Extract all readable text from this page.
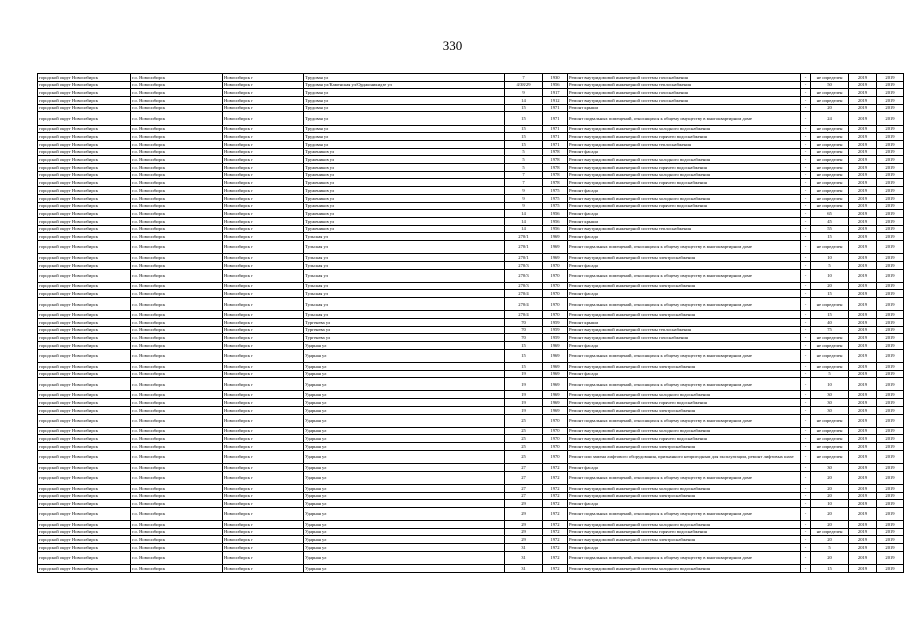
330
городской округ Новосибирск	г.о. Новосибирск	Новосибирск г	Трудовая ул	7	1930	Ремонт внутридомовой инженерной системы газоснабжения	-	не определен	2019	2019
городской округ Новосибирск	г.о. Новосибирск	Новосибирск г	Трудовая ул/Каменская ул/Орджоникидзе ул	4/38/29	1956	Ремонт внутридомовой инженерной системы теплоснабжения	-	50	2019	2019
городской округ Новосибирск	г.о. Новосибирск	Новосибирск г	Трудовая ул	9	1917	Ремонт внутридомовой инженерной системы газоснабжения	-	не определен	2019	2019
городской округ Новосибирск	г.о. Новосибирск	Новосибирск г	Трудовая ул	14	1912	Ремонт внутридомовой инженерной системы газоснабжения	-	не определен	2019	2019
городской округ Новосибирск	г.о. Новосибирск	Новосибирск г	Трудовая ул	15	1971	Ремонт крыши	-	20	2019	2019
городской округ Новосибирск	г.о. Новосибирск	Новосибирск г	Трудовая ул	15	1971	Ремонт подвальных помещений, относящихся к общему имуществу в многоквартирном доме	-	24	2019	2019
городской округ Новосибирск	г.о. Новосибирск	Новосибирск г	Трудовая ул	15	1971	Ремонт внутридомовой инженерной системы холодного водоснабжения	-	не определен	2019	2019
городской округ Новосибирск	г.о. Новосибирск	Новосибирск г	Трудовая ул	15	1971	Ремонт внутридомовой инженерной системы горячего водоснабжения	-	не определен	2019	2019
городской округ Новосибирск	г.о. Новосибирск	Новосибирск г	Трудовая ул	15	1971	Ремонт внутридомовой инженерной системы теплоснабжения	-	не определен	2019	2019
городской округ Новосибирск	г.о. Новосибирск	Новосибирск г	Тружеников ул	5	1978	Ремонт фасада	-	не определен	2019	2019
городской округ Новосибирск	г.о. Новосибирск	Новосибирск г	Тружеников ул	5	1978	Ремонт внутридомовой инженерной системы холодного водоснабжения	-	не определен	2019	2019
городской округ Новосибирск	г.о. Новосибирск	Новосибирск г	Тружеников ул	5	1978	Ремонт внутридомовой инженерной системы горячего водоснабжения	-	не определен	2019	2019
городской округ Новосибирск	г.о. Новосибирск	Новосибирск г	Тружеников ул	7	1978	Ремонт внутридомовой инженерной системы холодного водоснабжения	-	не определен	2019	2019
городской округ Новосибирск	г.о. Новосибирск	Новосибирск г	Тружеников ул	7	1978	Ремонт внутридомовой инженерной системы горячего водоснабжения	-	не определен	2019	2019
городской округ Новосибирск	г.о. Новосибирск	Новосибирск г	Тружеников ул	9	1975	Ремонт фасада	-	не определен	2019	2019
городской округ Новосибирск	г.о. Новосибирск	Новосибирск г	Тружеников ул	9	1975	Ремонт внутридомовой инженерной системы холодного водоснабжения	-	не определен	2019	2019
городской округ Новосибирск	г.о. Новосибирск	Новосибирск г	Тружеников ул	9	1975	Ремонт внутридомовой инженерной системы горячего водоснабжения	-	не определен	2019	2019
городской округ Новосибирск	г.о. Новосибирск	Новосибирск г	Тружеников ул	14	1956	Ремонт фасада	-	65	2019	2019
городской округ Новосибирск	г.о. Новосибирск	Новосибирск г	Тружеников ул	14	1956	Ремонт крыши	-	45	2019	2019
городской округ Новосибирск	г.о. Новосибирск	Новосибирск г	Тружеников ул	14	1956	Ремонт внутридомовой инженерной системы теплоснабжения	-	55	2019	2019
городской округ Новосибирск	г.о. Новосибирск	Новосибирск г	Тульская ул	270/1	1969	Ремонт фасада	-	15	2019	2019
городской округ Новосибирск	г.о. Новосибирск	Новосибирск г	Тульская ул	270/1	1969	Ремонт подвальных помещений, относящихся к общему имуществу в многоквартирном доме	-	не определен	2019	2019
городской округ Новосибирск	г.о. Новосибирск	Новосибирск г	Тульская ул	270/1	1969	Ремонт внутридомовой инженерной системы электроснабжения	-	10	2019	2019
городской округ Новосибирск	г.о. Новосибирск	Новосибирск г	Тульская ул	270/3	1970	Ремонт фасада	-	5	2019	2019
городской округ Новосибирск	г.о. Новосибирск	Новосибирск г	Тульская ул	270/3	1970	Ремонт подвальных помещений, относящихся к общему имуществу в многоквартирном доме	-	10	2019	2019
городской округ Новосибирск	г.о. Новосибирск	Новосибирск г	Тульская ул	270/3	1970	Ремонт внутридомовой инженерной системы электроснабжения	-	20	2019	2019
городской округ Новосибирск	г.о. Новосибирск	Новосибирск г	Тульская ул	270/4	1970	Ремонт фасада	-	15	2019	2019
городской округ Новосибирск	г.о. Новосибирск	Новосибирск г	Тульская ул	270/4	1970	Ремонт подвальных помещений, относящихся к общему имуществу в многоквартирном доме	-	не определен	2019	2019
городской округ Новосибирск	г.о. Новосибирск	Новосибирск г	Тульская ул	270/4	1970	Ремонт внутридомовой инженерной системы электроснабжения	-	15	2019	2019
городской округ Новосибирск	г.о. Новосибирск	Новосибирск г	Тургенева ул	70	1959	Ремонт крыши	-	40	2019	2019
городской округ Новосибирск	г.о. Новосибирск	Новосибирск г	Тургенева ул	70	1959	Ремонт внутридомовой инженерной системы теплоснабжения	-	75	2019	2019
городской округ Новосибирск	г.о. Новосибирск	Новосибирск г	Тургенева ул	70	1959	Ремонт внутридомовой инженерной системы газоснабжения	-	не определен	2019	2019
городской округ Новосибирск	г.о. Новосибирск	Новосибирск г	Ударная ул	15	1969	Ремонт фасада	-	не определен	2019	2019
городской округ Новосибирск	г.о. Новосибирск	Новосибирск г	Ударная ул	15	1969	Ремонт подвальных помещений, относящихся к общему имуществу в многоквартирном доме	-	не определен	2019	2019
городской округ Новосибирск	г.о. Новосибирск	Новосибирск г	Ударная ул	15	1969	Ремонт внутридомовой инженерной системы электроснабжения	-	не определен	2019	2019
городской округ Новосибирск	г.о. Новосибирск	Новосибирск г	Ударная ул	19	1969	Ремонт фасада	-	5	2019	2019
городской округ Новосибирск	г.о. Новосибирск	Новосибирск г	Ударная ул	19	1969	Ремонт подвальных помещений, относящихся к общему имуществу в многоквартирном доме	-	10	2019	2019
городской округ Новосибирск	г.о. Новосибирск	Новосибирск г	Ударная ул	19	1969	Ремонт внутридомовой инженерной системы холодного водоснабжения	-	30	2019	2019
городской округ Новосибирск	г.о. Новосибирск	Новосибирск г	Ударная ул	19	1969	Ремонт внутридомовой инженерной системы горячего водоснабжения	-	30	2019	2019
городской округ Новосибирск	г.о. Новосибирск	Новосибирск г	Ударная ул	19	1969	Ремонт внутридомовой инженерной системы электроснабжения	-	30	2019	2019
городской округ Новосибирск	г.о. Новосибирск	Новосибирск г	Ударная ул	25	1970	Ремонт подвальных помещений, относящихся к общему имуществу в многоквартирном доме	-	не определен	2019	2019
городской округ Новосибирск	г.о. Новосибирск	Новосибирск г	Ударная ул	25	1970	Ремонт внутридомовой инженерной системы холодного водоснабжения	-	не определен	2019	2019
городской округ Новосибирск	г.о. Новосибирск	Новосибирск г	Ударная ул	25	1970	Ремонт внутридомовой инженерной системы горячего водоснабжения	-	не определен	2019	2019
городской округ Новосибирск	г.о. Новосибирск	Новосибирск г	Ударная ул	25	1970	Ремонт внутридомовой инженерной системы электроснабжения	-	не определен	2019	2019
городской округ Новосибирск	г.о. Новосибирск	Новосибирск г	Ударная ул	25	1970	Ремонт или замена лифтового оборудования, признанного непригодным для эксплуатации, ремонт лифтовых шахт	-	не определен	2019	2019
городской округ Новосибирск	г.о. Новосибирск	Новосибирск г	Ударная ул	27	1972	Ремонт фасада	-	30	2019	2019
городской округ Новосибирск	г.о. Новосибирск	Новосибирск г	Ударная ул	27	1972	Ремонт подвальных помещений, относящихся к общему имуществу в многоквартирном доме	-	20	2019	2019
городской округ Новосибирск	г.о. Новосибирск	Новосибирск г	Ударная ул	27	1972	Ремонт внутридомовой инженерной системы холодного водоснабжения	-	20	2019	2019
городской округ Новосибирск	г.о. Новосибирск	Новосибирск г	Ударная ул	27	1972	Ремонт внутридомовой инженерной системы электроснабжения	-	20	2019	2019
городской округ Новосибирск	г.о. Новосибирск	Новосибирск г	Ударная ул	29	1972	Ремонт фасада	-	10	2019	2019
городской округ Новосибирск	г.о. Новосибирск	Новосибирск г	Ударная ул	29	1972	Ремонт подвальных помещений, относящихся к общему имуществу в многоквартирном доме	-	20	2019	2019
городской округ Новосибирск	г.о. Новосибирск	Новосибирск г	Ударная ул	29	1972	Ремонт внутридомовой инженерной системы холодного водоснабжения	-	20	2019	2019
городской округ Новосибирск	г.о. Новосибирск	Новосибирск г	Ударная ул	29	1972	Ремонт внутридомовой инженерной системы горячего водоснабжения	-	не определен	2019	2019
городской округ Новосибирск	г.о. Новосибирск	Новосибирск г	Ударная ул	29	1972	Ремонт внутридомовой инженерной системы электроснабжения	-	20	2019	2019
городской округ Новосибирск	г.о. Новосибирск	Новосибирск г	Ударная ул	31	1972	Ремонт фасада	-	5	2019	2019
городской округ Новосибирск	г.о. Новосибирск	Новосибирск г	Ударная ул	31	1972	Ремонт подвальных помещений, относящихся к общему имуществу в многоквартирном доме	-	20	2019	2019
городской округ Новосибирск	г.о. Новосибирск	Новосибирск г	Ударная ул	31	1972	Ремонт внутридомовой инженерной системы холодного водоснабжения	-	15	2019	2019
